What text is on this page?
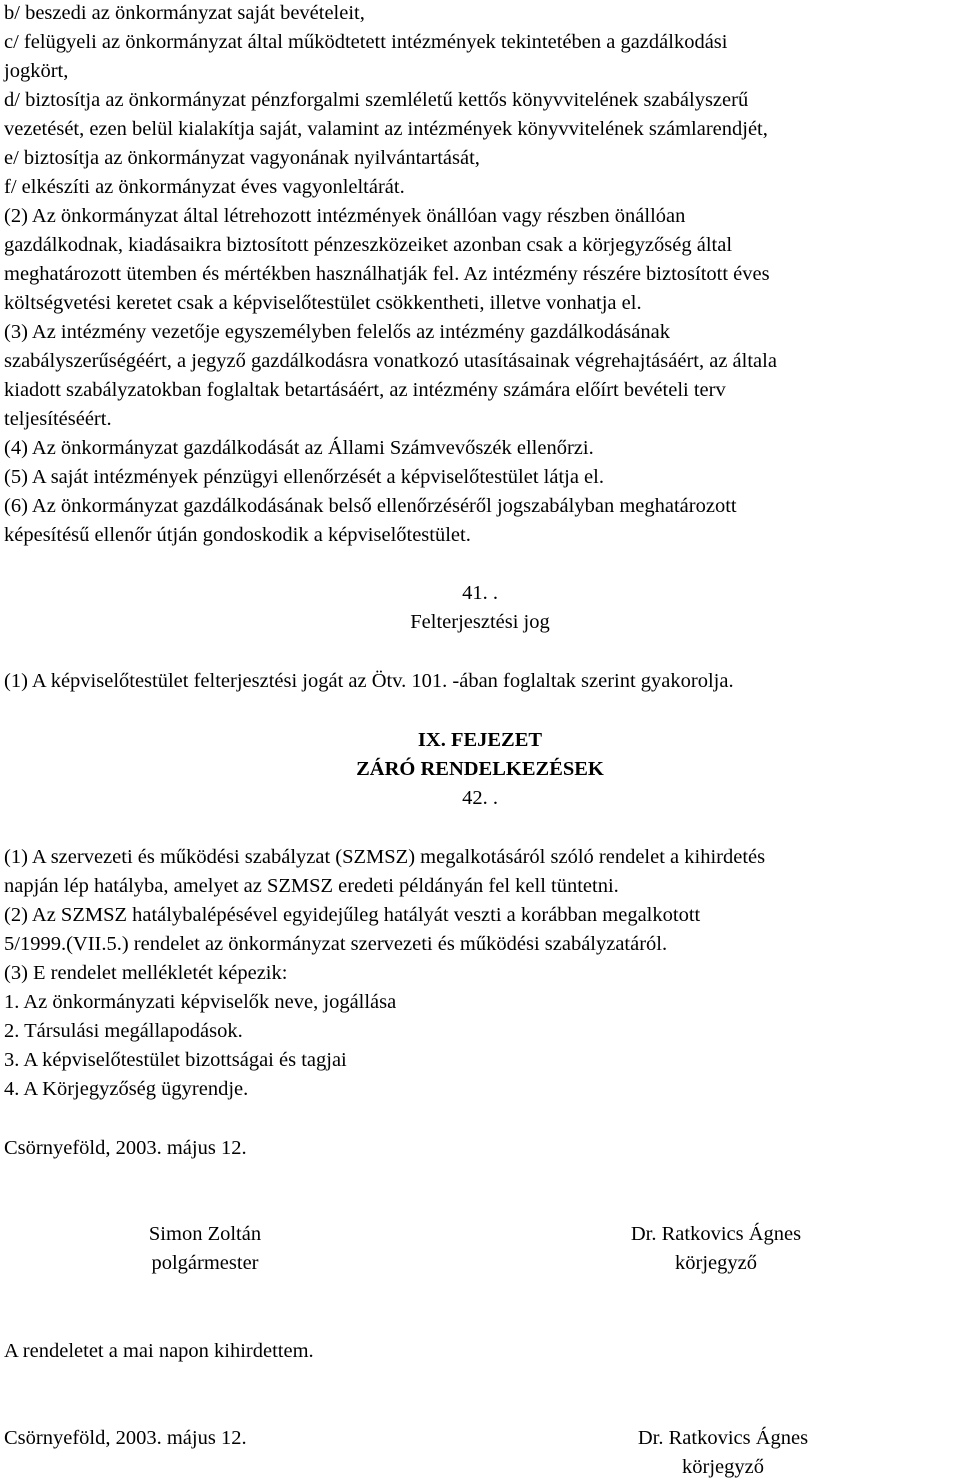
b/ beszedi az önkormányzat saját bevételeit,
c/ felügyeli az önkormányzat által működtetett intézmények tekintetében a gazdálkodási
jogkört,
d/ biztosítja az önkormányzat pénzforgalmi szemléletű kettős könyvvitelének szabályszerű
vezetését, ezen belül kialakítja saját, valamint az intézmények könyvvitelének számlarendjét,
e/ biztosítja az önkormányzat vagyonának nyilvántartását,
f/ elkészíti az önkormányzat éves vagyonleltárát.
(2) Az önkormányzat által létrehozott intézmények önállóan vagy részben önállóan
gazdálkodnak, kiadásaikra biztosított pénzeszközeiket azonban csak a körjegyzőség által
meghatározott ütemben és mértékben használhatják fel. Az intézmény részére biztosított éves
költségvetési keretet csak a képviselőtestület csökkentheti, illetve vonhatja el.
(3) Az intézmény vezetője egyszemélyben felelős az intézmény gazdálkodásának
szabályszerűségéért, a jegyző gazdálkodásra vonatkozó utasításainak végrehajtásáért, az általa
kiadott szabályzatokban foglaltak betartásáért, az intézmény számára előírt bevételi terv
teljesítéséért.
(4) Az önkormányzat gazdálkodását az Állami Számvevőszék ellenőrzi.
(5) A saját intézmények pénzügyi ellenőrzését a képviselőtestület látja el.
(6) Az önkormányzat gazdálkodásának belső ellenőrzéséről jogszabályban meghatározott
képesítésű ellenőr útján gondoskodik a képviselőtestület.
41. .
Felterjesztési jog
(1) A képviselőtestület felterjesztési jogát az Ötv. 101. -ában foglaltak szerint gyakorolja.
IX. FEJEZET
ZÁRÓ RENDELKEZÉSEK
42. .
(1) A szervezeti és működési szabályzat (SZMSZ) megalkotásáról szóló rendelet a kihirdetés
napján lép hatályba, amelyet az SZMSZ eredeti példányán fel kell tüntetni.
(2) Az SZMSZ hatálybalépésével egyidejűleg hatályát veszti a korábban megalkotott
5/1999.(VII.5.) rendelet az önkormányzat szervezeti és működési szabályzatáról.
(3) E rendelet mellékletét képezik:
1. Az önkormányzati képviselők neve, jogállása
2. Társulási megállapodások.
3. A képviselőtestület bizottságai és tagjai
4. A Körjegyzőség ügyrendje.
Csörnyeföld, 2003. május 12.
Simon Zoltán
polgármester
Dr. Ratkovics Ágnes
körjegyző
A rendeletet a mai napon kihirdettem.
Csörnyeföld, 2003. május 12.	Dr. Ratkovics Ágnes
körjegyző
